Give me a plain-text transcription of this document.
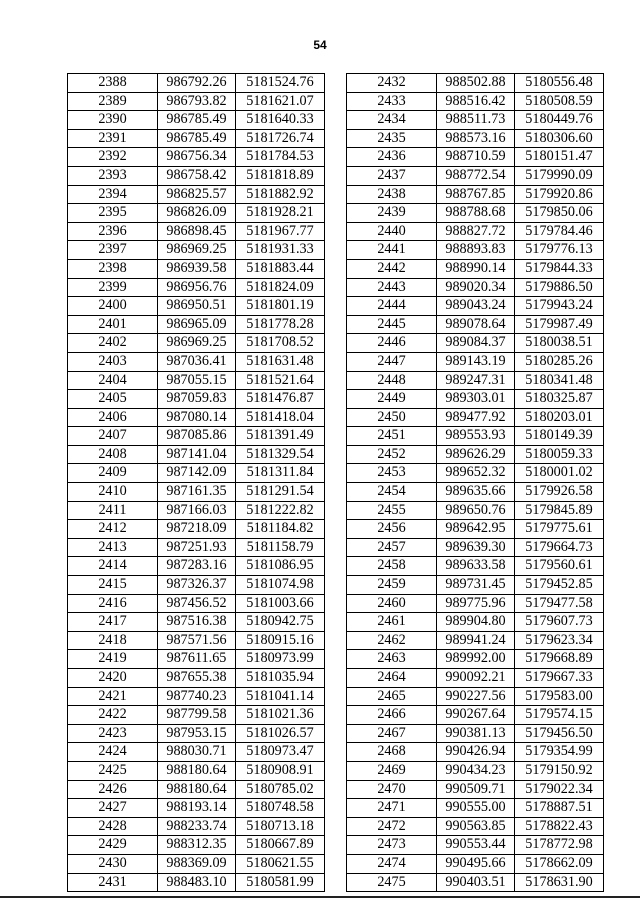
54
2388	986792.26	5181524.76
2389	986793.82	5181621.07
2390	986785.49	5181640.33
2391	986785.49	5181726.74
2392	986756.34	5181784.53
2393	986758.42	5181818.89
2394	986825.57	5181882.92
2395	986826.09	5181928.21
2396	986898.45	5181967.77
2397	986969.25	5181931.33
2398	986939.58	5181883.44
2399	986956.76	5181824.09
2400	986950.51	5181801.19
2401	986965.09	5181778.28
2402	986969.25	5181708.52
2403	987036.41	5181631.48
2404	987055.15	5181521.64
2405	987059.83	5181476.87
2406	987080.14	5181418.04
2407	987085.86	5181391.49
2408	987141.04	5181329.54
2409	987142.09	5181311.84
2410	987161.35	5181291.54
2411	987166.03	5181222.82
2412	987218.09	5181184.82
2413	987251.93	5181158.79
2414	987283.16	5181086.95
2415	987326.37	5181074.98
2416	987456.52	5181003.66
2417	987516.38	5180942.75
2418	987571.56	5180915.16
2419	987611.65	5180973.99
2420	987655.38	5181035.94
2421	987740.23	5181041.14
2422	987799.58	5181021.36
2423	987953.15	5181026.57
2424	988030.71	5180973.47
2425	988180.64	5180908.91
2426	988180.64	5180785.02
2427	988193.14	5180748.58
2428	988233.74	5180713.18
2429	988312.35	5180667.89
2430	988369.09	5180621.55
2431	988483.10	5180581.99
2432	988502.88	5180556.48
2433	988516.42	5180508.59
2434	988511.73	5180449.76
2435	988573.16	5180306.60
2436	988710.59	5180151.47
2437	988772.54	5179990.09
2438	988767.85	5179920.86
2439	988788.68	5179850.06
2440	988827.72	5179784.46
2441	988893.83	5179776.13
2442	988990.14	5179844.33
2443	989020.34	5179886.50
2444	989043.24	5179943.24
2445	989078.64	5179987.49
2446	989084.37	5180038.51
2447	989143.19	5180285.26
2448	989247.31	5180341.48
2449	989303.01	5180325.87
2450	989477.92	5180203.01
2451	989553.93	5180149.39
2452	989626.29	5180059.33
2453	989652.32	5180001.02
2454	989635.66	5179926.58
2455	989650.76	5179845.89
2456	989642.95	5179775.61
2457	989639.30	5179664.73
2458	989633.58	5179560.61
2459	989731.45	5179452.85
2460	989775.96	5179477.58
2461	989904.80	5179607.73
2462	989941.24	5179623.34
2463	989992.00	5179668.89
2464	990092.21	5179667.33
2465	990227.56	5179583.00
2466	990267.64	5179574.15
2467	990381.13	5179456.50
2468	990426.94	5179354.99
2469	990434.23	5179150.92
2470	990509.71	5179022.34
2471	990555.00	5178887.51
2472	990563.85	5178822.43
2473	990553.44	5178772.98
2474	990495.66	5178662.09
2475	990403.51	5178631.90
